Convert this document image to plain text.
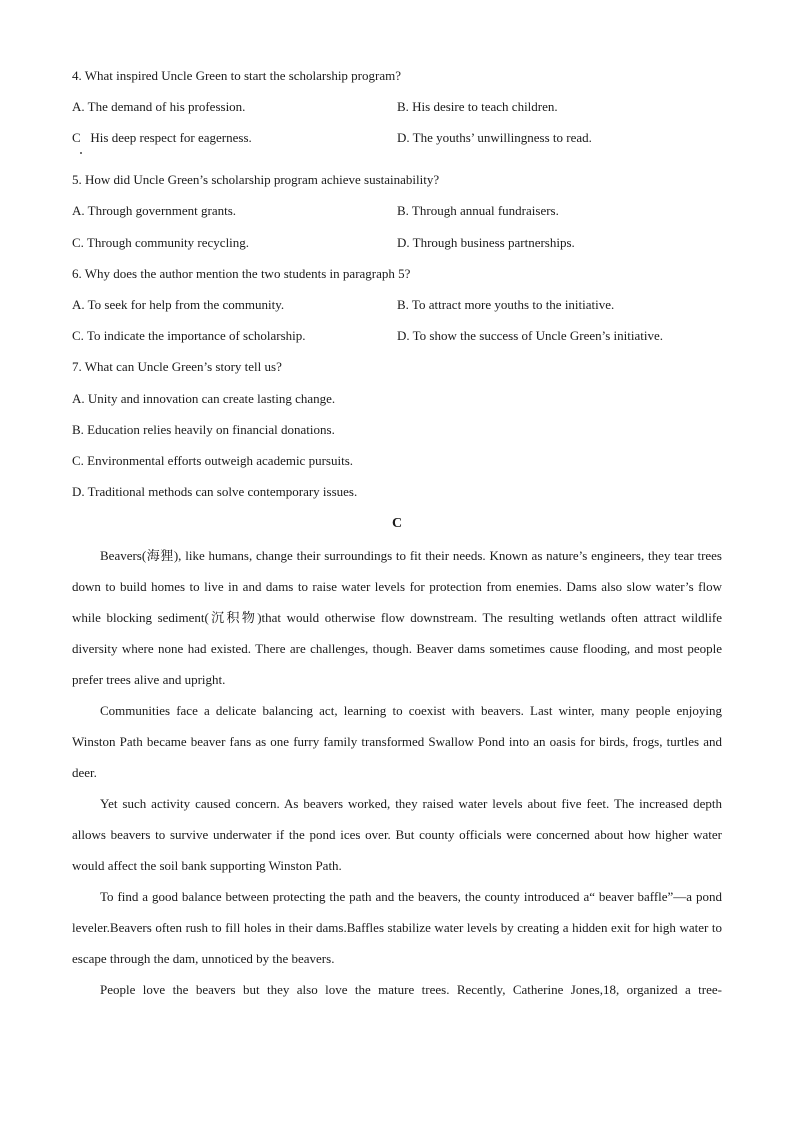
4. What inspired Uncle Green to start the scholarship program?
A. The demand of his profession.	B. His desire to teach children.
C   His deep respect for eagerness.	D. The youths’ unwillingness to read.
5. How did Uncle Green’s scholarship program achieve sustainability?
A. Through government grants.	B. Through annual fundraisers.
C. Through community recycling.	D. Through business partnerships.
6. Why does the author mention the two students in paragraph 5?
A. To seek for help from the community.	B. To attract more youths to the initiative.
C. To indicate the importance of scholarship.	D. To show the success of Uncle Green’s initiative.
7. What can Uncle Green’s story tell us?
A. Unity and innovation can create lasting change.
B. Education relies heavily on financial donations.
C. Environmental efforts outweigh academic pursuits.
D. Traditional methods can solve contemporary issues.
C

Beavers(海狸), like humans, change their surroundings to fit their needs. Known as nature’s engineers, they tear trees down to build homes to live in and dams to raise water levels for protection from enemies. Dams also slow water’s flow while blocking sediment(沉积物)that would otherwise flow downstream. The resulting wetlands often attract wildlife diversity where none had existed. There are challenges, though. Beaver dams sometimes cause flooding, and most people prefer trees alive and upright.

Communities face a delicate balancing act, learning to coexist with beavers. Last winter, many people enjoying Winston Path became beaver fans as one furry family transformed Swallow Pond into an oasis for birds, frogs, turtles and deer.

Yet such activity caused concern. As beavers worked, they raised water levels about five feet. The increased depth allows beavers to survive underwater if the pond ices over. But county officials were concerned about how higher water would affect the soil bank supporting Winston Path.

To find a good balance between protecting the path and the beavers, the county introduced a“ beaver baffle”—a pond leveler.Beavers often rush to fill holes in their dams.Baffles stabilize water levels by creating a hidden exit for high water to escape through the dam, unnoticed by the beavers.

People love the beavers but they also love the mature trees. Recently, Catherine Jones,18, organized a tree-
